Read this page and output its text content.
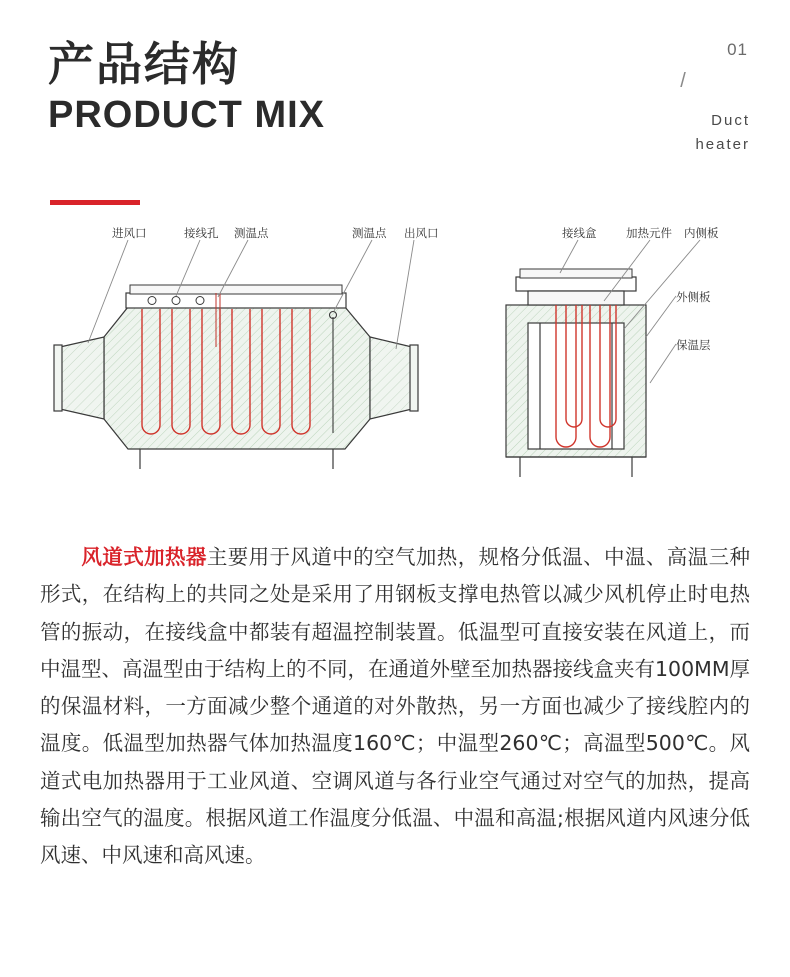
产品结构
PRODUCT MIX
01
/
Duct
heater
进风口	接线孔 测温点	测温点 出风口	接线盒	加热元件 内侧板
外侧板
保温层
风道式加热器主要用于风道中的空气加热，规格分低温、中温、高温三种形式，在结构上的共同之处是采用了用钢板支撑电热管以减少风机停止时电热管的振动，在接线盒中都装有超温控制装置。低温型可直接安装在风道上，而中温型、高温型由于结构上的不同，在通道外壁至加热器接线盒夹有100MM厚的保温材料，一方面减少整个通道的对外散热，另一方面也减少了接线腔内的温度。低温型加热器气体加热温度160℃；中温型260℃；高温型500℃。风道式电加热器用于工业风道、空调风道与各行业空气通过对空气的加热，提高输出空气的温度。根据风道工作温度分低温、中温和高温;根据风道内风速分低风速、中风速和高风速。
